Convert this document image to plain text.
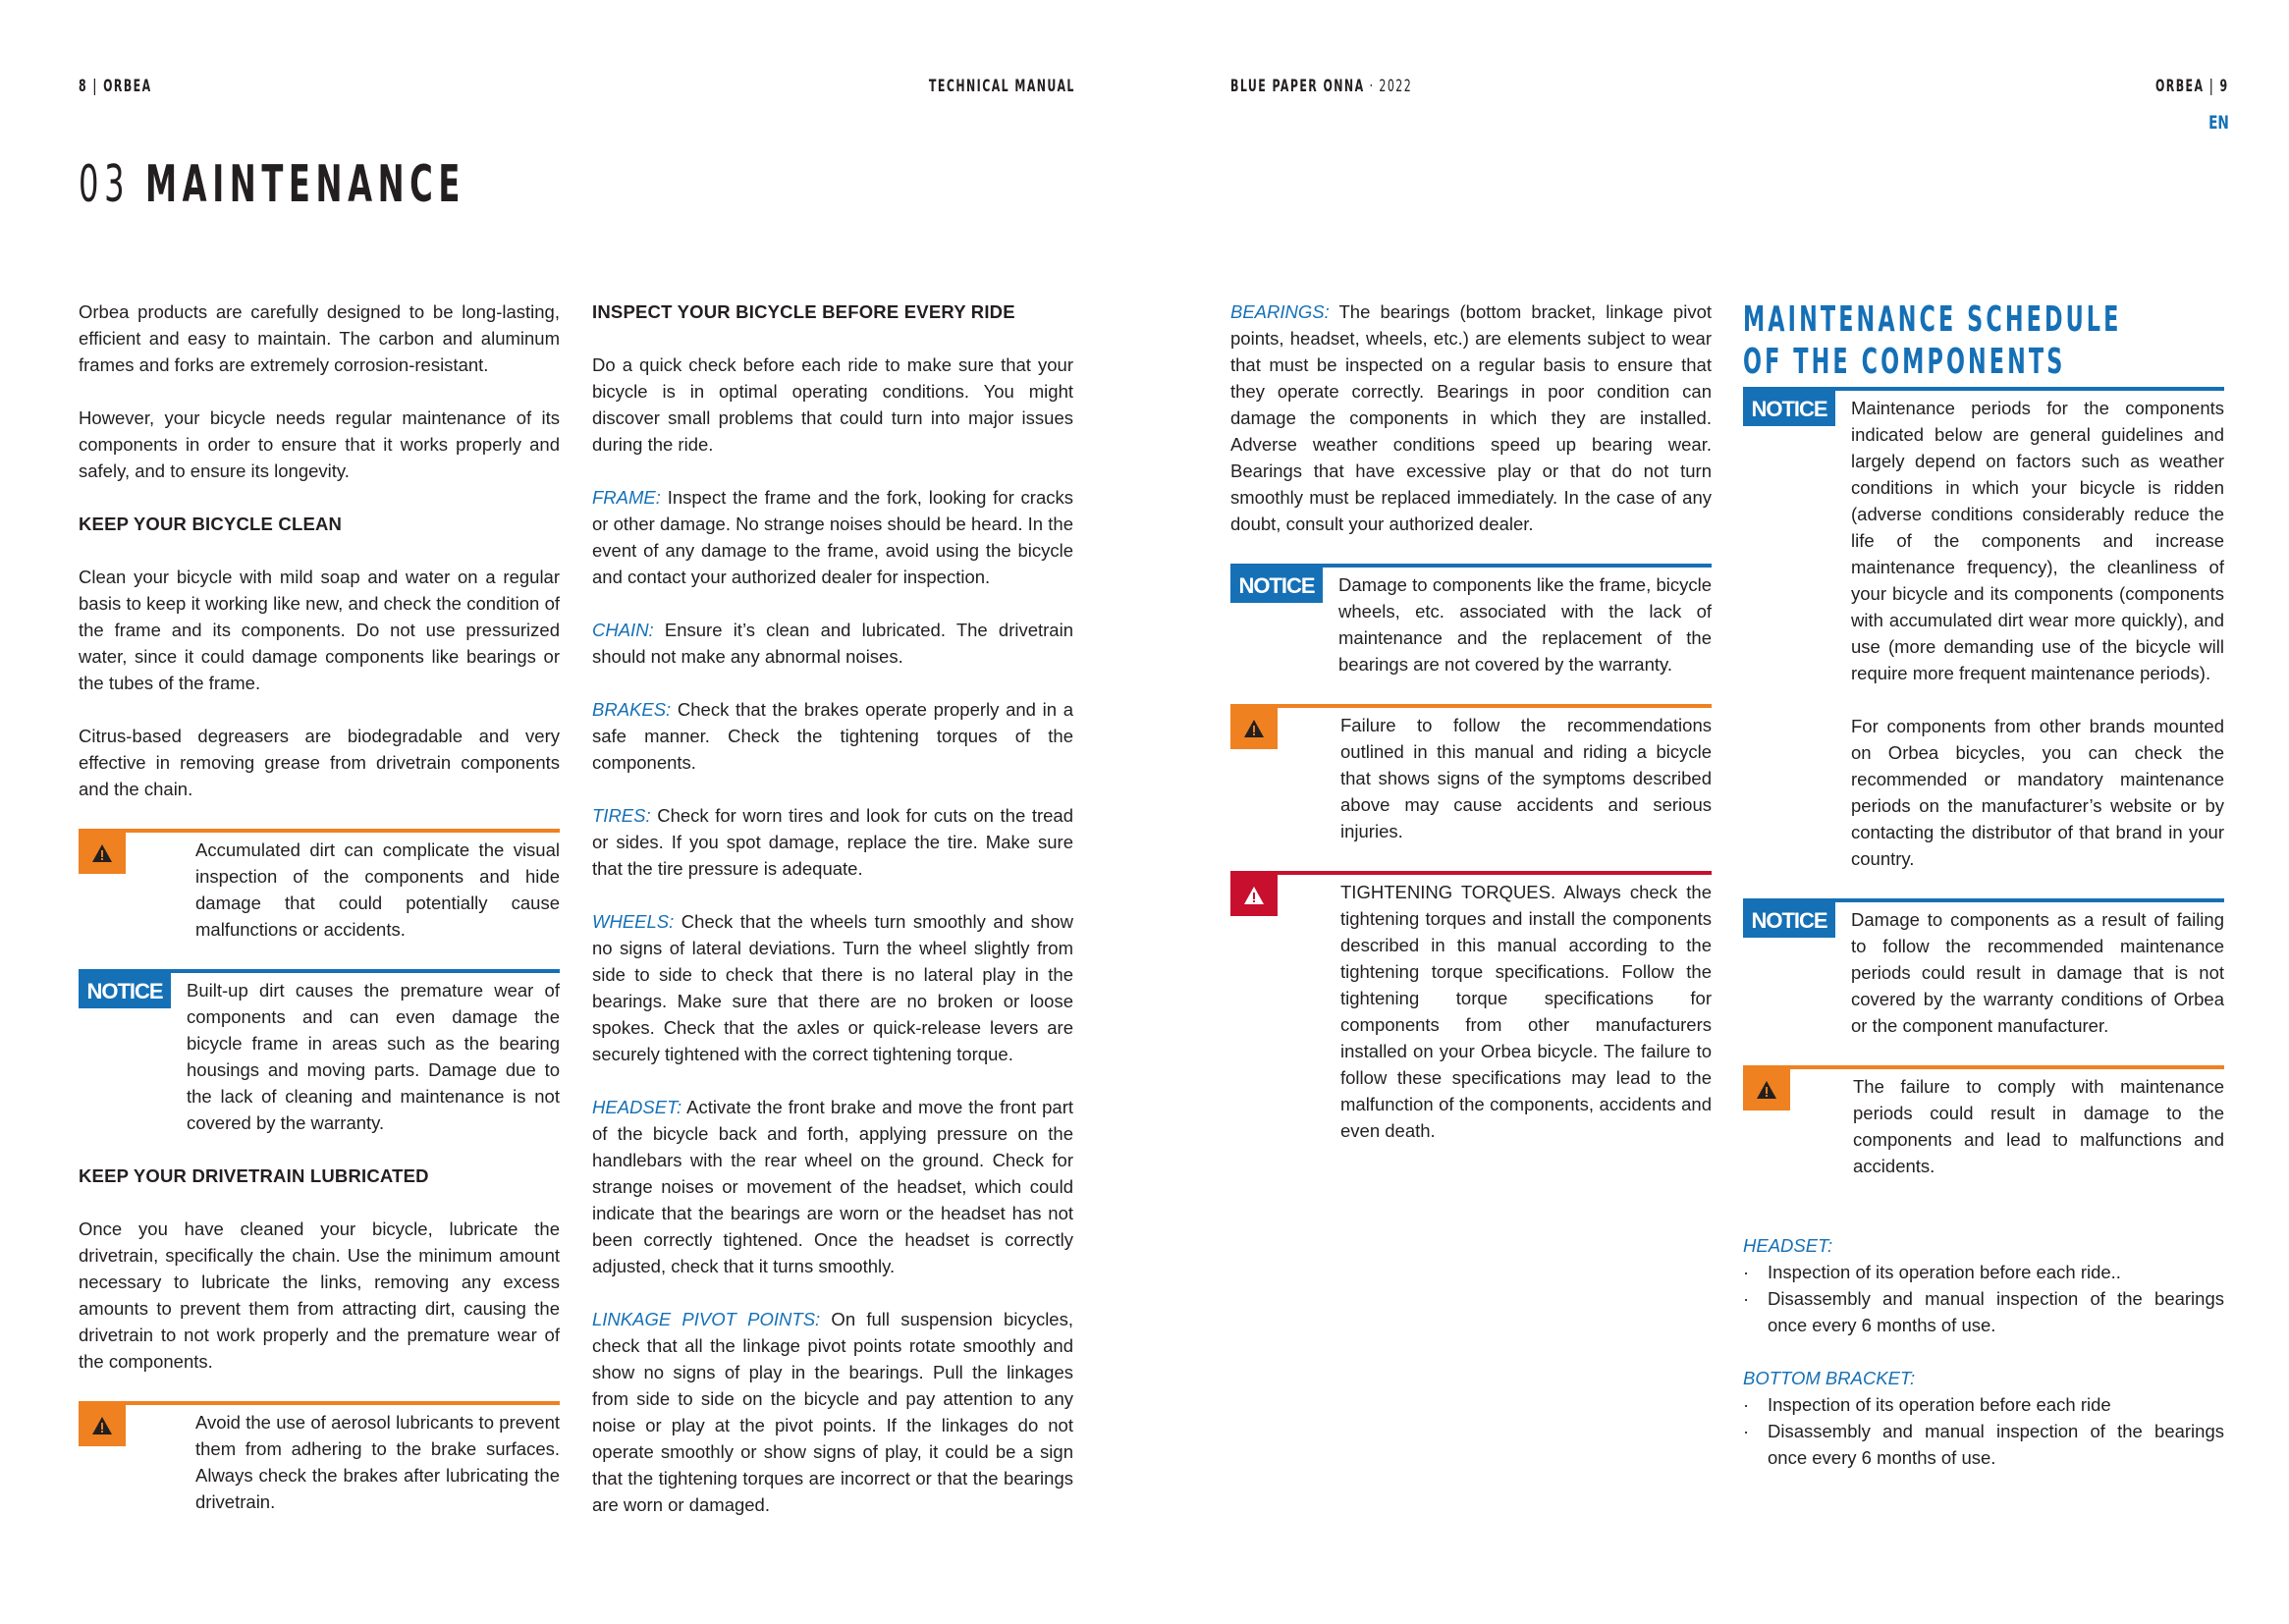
8 | ORBEA	TECHNICAL MANUAL	BLUE PAPER ONNA · 2022	ORBEA | 9
EN
03 MAINTENANCE

Orbea products are carefully designed to be long-lasting, efficient and easy to maintain. The carbon and aluminum frames and forks are extremely corrosion-resistant.

However, your bicycle needs regular maintenance of its components in order to ensure that it works properly and safely, and to ensure its longevity.

KEEP YOUR BICYCLE CLEAN

Clean your bicycle with mild soap and water on a regular basis to keep it working like new, and check the condition of the frame and its components. Do not use pressurized water, since it could damage components like bearings or the tubes of the frame.

Citrus-based degreasers are biodegradable and very effective in removing grease from drivetrain components and the chain.

Accumulated dirt can complicate the visual inspection of the components and hide damage that could potentially cause malfunctions or accidents.
NOTICE	Built-up dirt causes the premature wear of components and can even damage the bicycle frame in areas such as the bearing housings and moving parts. Damage due to the lack of cleaning and maintenance is not covered by the warranty.
KEEP YOUR DRIVETRAIN LUBRICATED

Once you have cleaned your bicycle, lubricate the drivetrain, specifically the chain. Use the minimum amount necessary to lubricate the links, removing any excess amounts to prevent them from attracting dirt, causing the drivetrain to not work properly and the premature wear of the components.

Avoid the use of aerosol lubricants to prevent them from adhering to the brake surfaces. Always check the brakes after lubricating the drivetrain.
INSPECT YOUR BICYCLE BEFORE EVERY RIDE

Do a quick check before each ride to make sure that your bicycle is in optimal operating conditions. You might discover small problems that could turn into major issues during the ride.

FRAME: Inspect the frame and the fork, looking for cracks or other damage. No strange noises should be heard. In the event of any damage to the frame, avoid using the bicycle and contact your authorized dealer for inspection.

CHAIN: Ensure it’s clean and lubricated. The drivetrain should not make any abnormal noises.

BRAKES: Check that the brakes operate properly and in a safe manner. Check the tightening torques of the components.

TIRES: Check for worn tires and look for cuts on the tread or sides. If you spot damage, replace the tire. Make sure that the tire pressure is adequate.

WHEELS: Check that the wheels turn smoothly and show no signs of lateral deviations. Turn the wheel slightly from side to side to check that there is no lateral play in the bearings. Make sure that there are no broken or loose spokes. Check that the axles or quick-release levers are securely tightened with the correct tightening torque.

HEADSET: Activate the front brake and move the front part of the bicycle back and forth, applying pressure on the handlebars with the rear wheel on the ground. Check for strange noises or movement of the headset, which could indicate that the bearings are worn or the headset has not been correctly tightened. Once the headset is correctly adjusted, check that it turns smoothly.

LINKAGE PIVOT POINTS: On full suspension bicycles, check that all the linkage pivot points rotate smoothly and show no signs of play in the bearings. Pull the linkages from side to side on the bicycle and pay attention to any noise or play at the pivot points. If the linkages do not operate smoothly or show signs of play, it could be a sign that the tightening torques are incorrect or that the bearings are worn or damaged.

BEARINGS: The bearings (bottom bracket, linkage pivot points, headset, wheels, etc.) are elements subject to wear that must be inspected on a regular basis to ensure that they operate correctly. Bearings in poor condition can damage the components in which they are installed. Adverse weather conditions speed up bearing wear. Bearings that have excessive play or that do not turn smoothly must be replaced immediately. In the case of any doubt, consult your authorized dealer.

NOTICE	Damage to components like the frame, bicycle wheels, etc. associated with the lack of maintenance and the replacement of the bearings are not covered by the warranty.
Failure to follow the recommendations outlined in this manual and riding a bicycle that shows signs of the symptoms described above may cause accidents and serious injuries.
TIGHTENING TORQUES. Always check the tightening torques and install the components described in this manual according to the tightening torque specifications. Follow the tightening torque specifications for components from other manufacturers installed on your Orbea bicycle. The failure to follow these specifications may lead to the malfunction of the components, accidents and even death.
MAINTENANCE SCHEDULE
OF THE COMPONENTS
NOTICE	Maintenance periods for the components indicated below are general guidelines and largely depend on factors such as weather conditions in which your bicycle is ridden (adverse conditions considerably reduce the life of the components and increase maintenance frequency), the cleanliness of your bicycle and its components (components with accumulated dirt wear more quickly), and use (more demanding use of the bicycle will require more frequent maintenance periods).
For components from other brands mounted on Orbea bicycles, you can check the recommended or mandatory maintenance periods on the manufacturer’s website or by contacting the distributor of that brand in your country.
NOTICE	Damage to components as a result of failing to follow the recommended maintenance periods could result in damage that is not covered by the warranty conditions of Orbea or the component manufacturer.
The failure to comply with maintenance periods could result in damage to the components and lead to malfunctions and accidents.
HEADSET:
· Inspection of its operation before each ride..
· Disassembly and manual inspection of the bearings once every 6 months of use.
BOTTOM BRACKET:
· Inspection of its operation before each ride
· Disassembly and manual inspection of the bearings once every 6 months of use.
